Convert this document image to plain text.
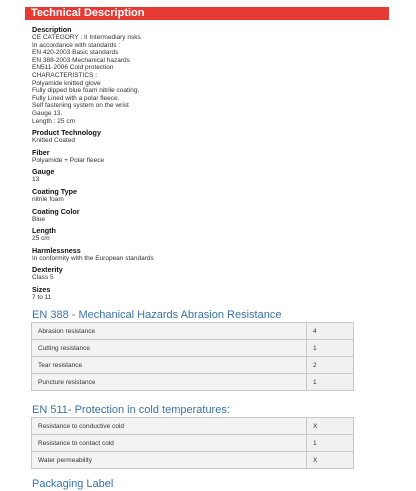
Technical Description
Description
CE CATEGORY : II Intermediary risks
In accordance with standards :
EN 420-2003 Basic standards
EN 388-2003 Mechanical hazards
EN511-2006 Cold protection
CHARACTERISTICS :
Polyamide knitted glove
Fully dipped blue foam nitrile coating.
Fully Lined with a polar fleece.
Self fastening system on the wrist
Gauge 13.
Length : 25 cm
Product Technology
Knitted Coated
Fiber
Polyamide + Polar fleece
Gauge
13
Coating Type
nitrile foam
Coating Color
Blue
Length
25 cm
Harmlessness
In conformity with the European standards
Dexterity
Class 5
Sizes
7 to 11
EN 388 - Mechanical Hazards Abrasion Resistance
Abrasion resistance	4
Cutting resistance	1
Tear resistance	2
Puncture resistance	1
EN 511- Protection in cold temperatures:
Resistance to conductive cold	X
Resistance to contact cold	1
Water permeability	X
Packaging Label
